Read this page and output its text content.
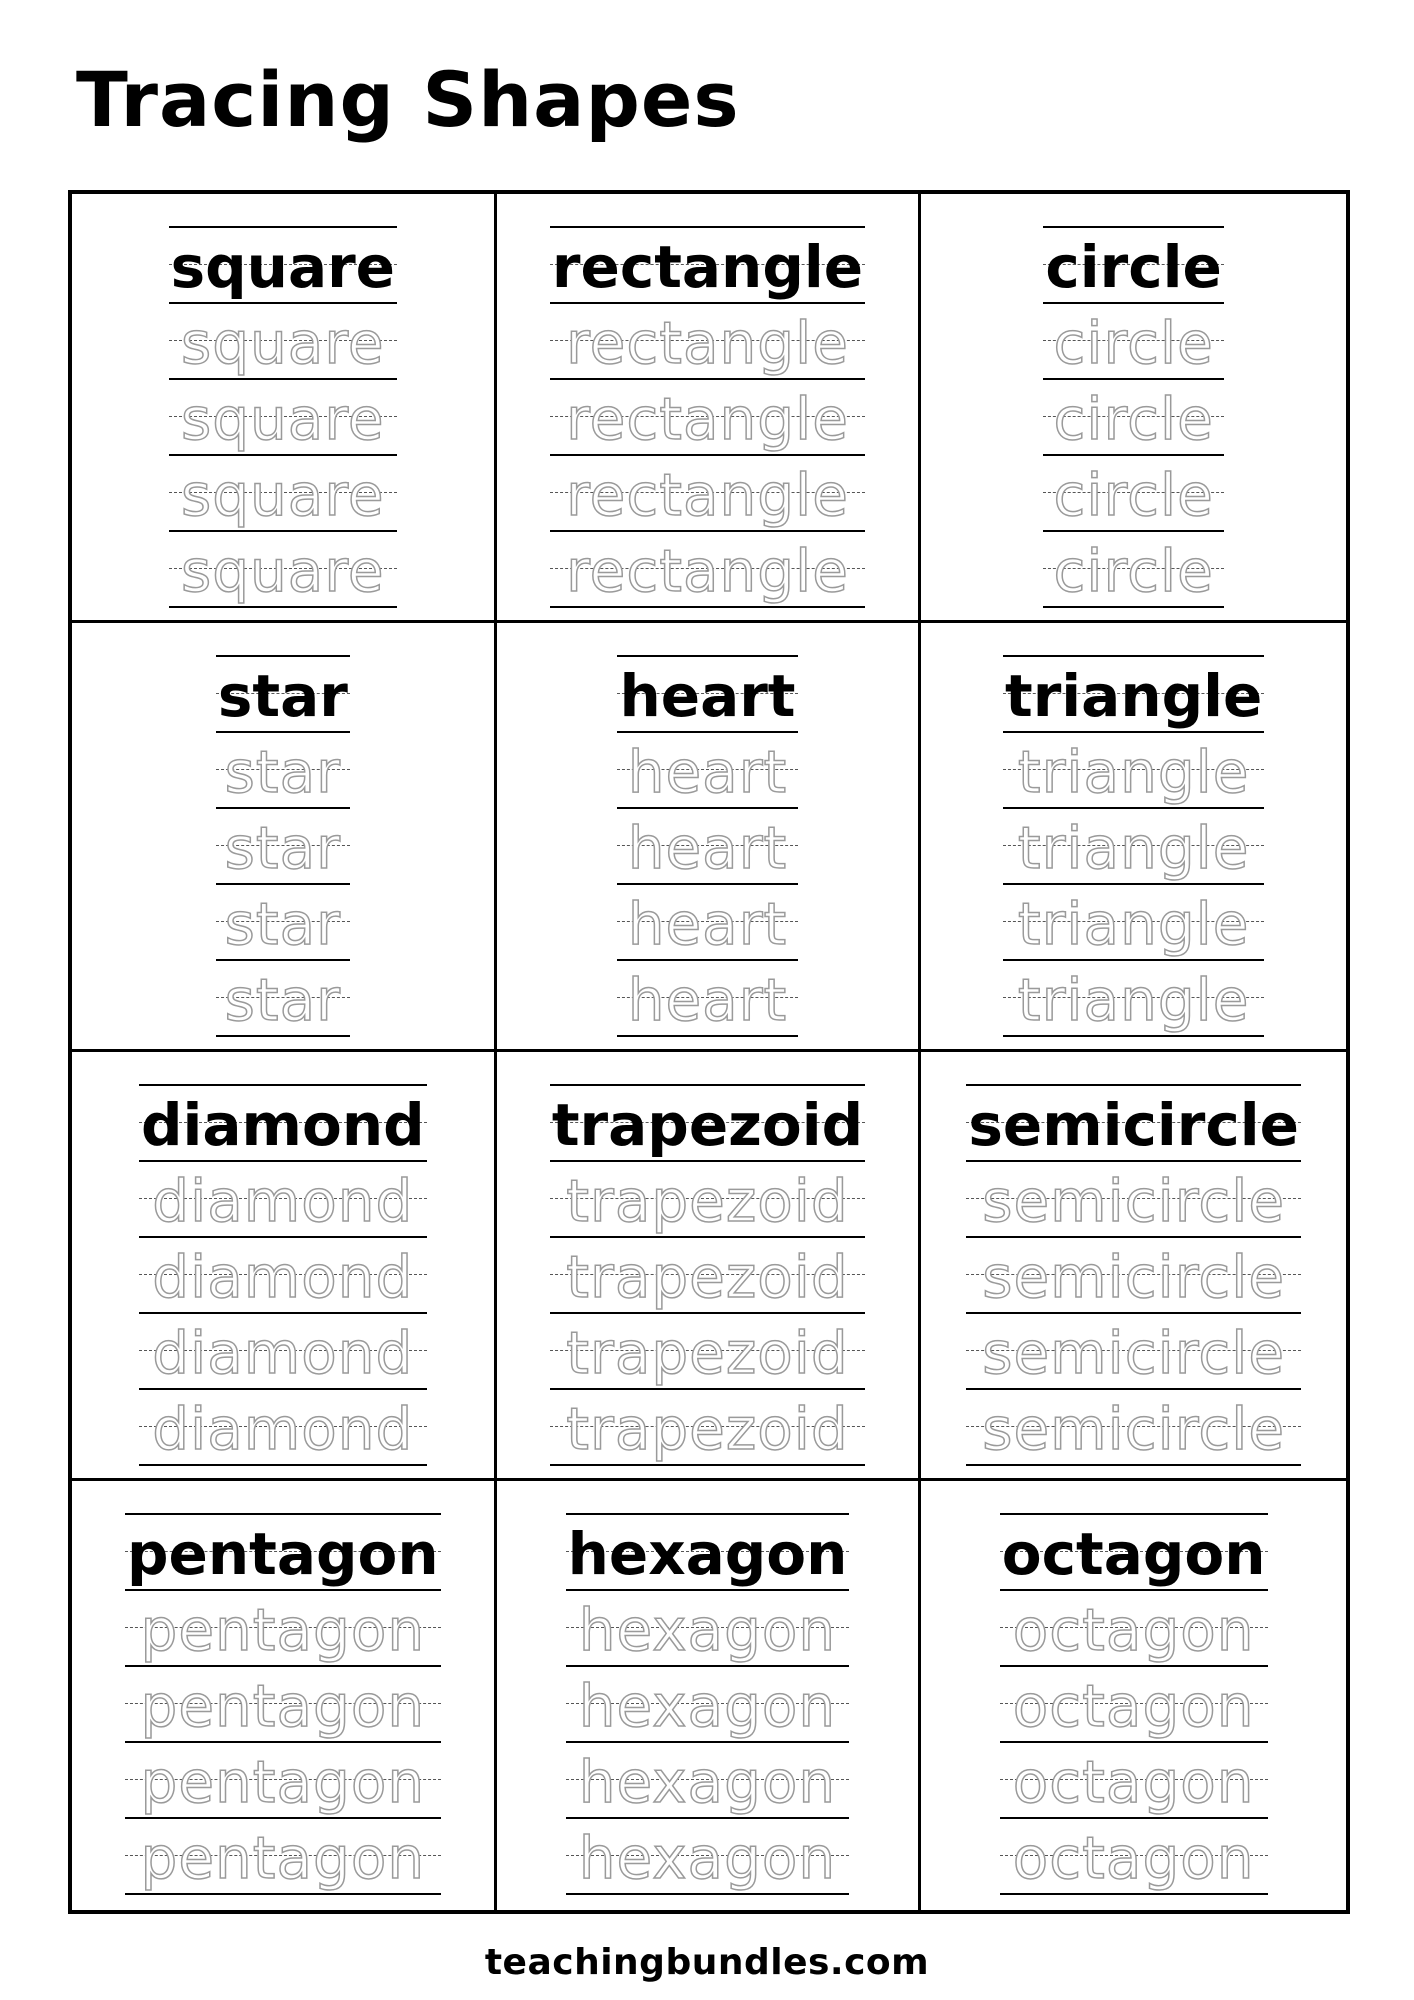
Tracing Shapes
square
square
square
square
square
rectangle
rectangle
rectangle
rectangle
rectangle
circle
circle
circle
circle
circle
star
star
star
star
star
heart
heart
heart
heart
heart
triangle
triangle
triangle
triangle
triangle
diamond
diamond
diamond
diamond
diamond
trapezoid
trapezoid
trapezoid
trapezoid
trapezoid
semicircle
semicircle
semicircle
semicircle
semicircle
pentagon
pentagon
pentagon
pentagon
pentagon
hexagon
hexagon
hexagon
hexagon
hexagon
octagon
octagon
octagon
octagon
octagon
teachingbundles.com
